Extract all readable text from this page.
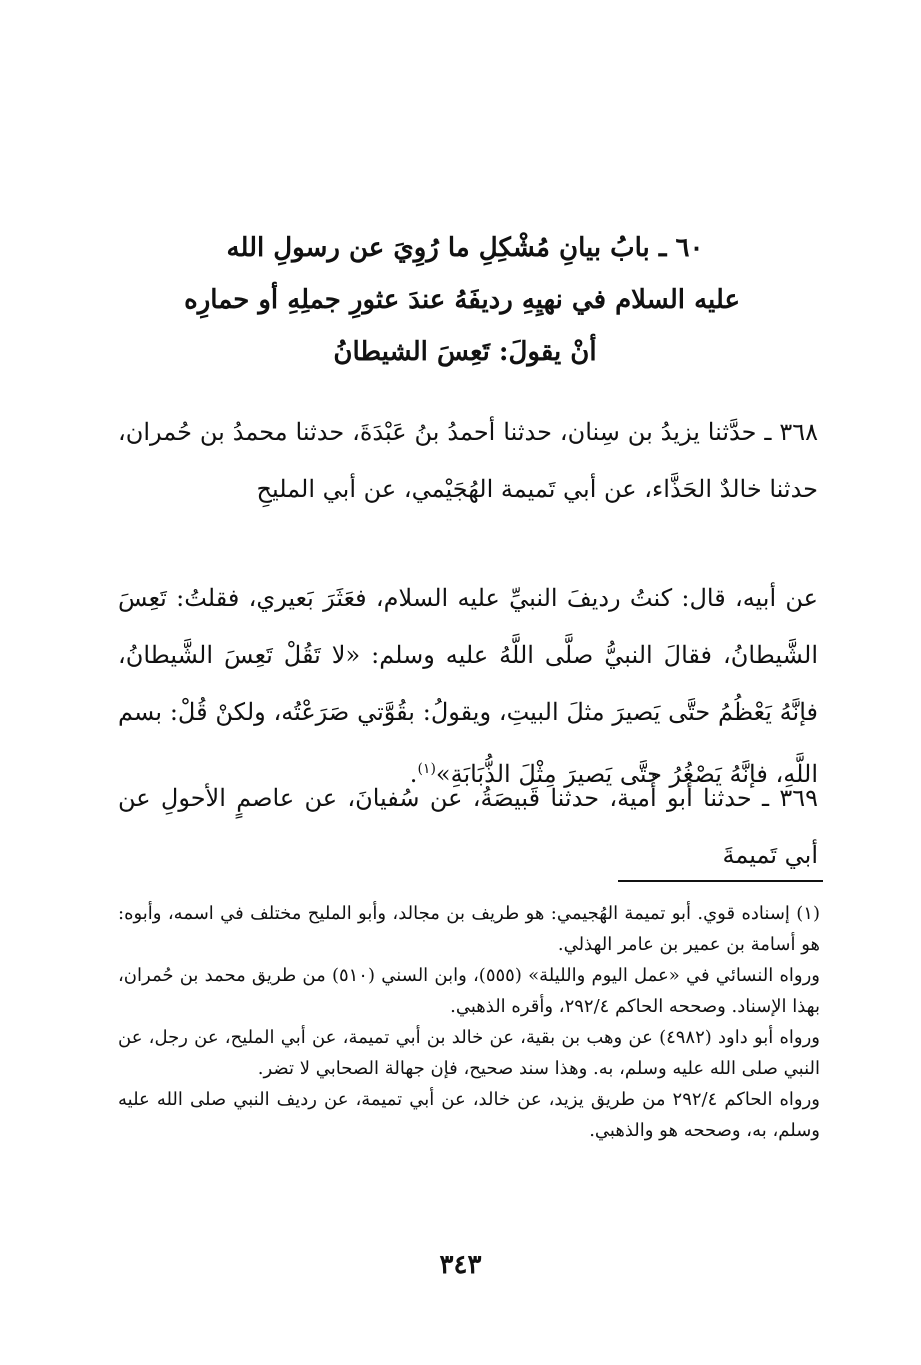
٦٠ ـ بابُ بيانِ مُشْكِلِ ما رُوِيَ عن رسولِ الله
عليه السلام في نهيِهِ رديفَهُ عندَ عثورِ جملِهِ أو حمارِه
أنْ يقولَ: تَعِسَ الشيطانُ
٣٦٨ ـ حدَّثنا يزيدُ بن سِنان، حدثنا أحمدُ بنُ عَبْدَةَ، حدثنا محمدُ بن حُمران، حدثنا خالدٌ الحَذَّاء، عن أبي تَميمة الهُجَيْمي، عن أبي المليحِ
عن أبيه، قال: كنتُ رديفَ النبيِّ عليه السلام، فعَثَرَ بَعيري، فقلتُ: تَعِسَ الشَّيطانُ، فقالَ النبيُّ صلَّى اللَّهُ عليه وسلم: «لا تَقُلْ تَعِسَ الشَّيطانُ، فإنَّهُ يَعْظُمُ حتَّى يَصيرَ مثلَ البيتِ، ويقولُ: بقُوَّتي صَرَعْتُه، ولكنْ قُلْ: بسم اللَّهِ، فإنَّهُ يَصْغُرُ حتَّى يَصيرَ مِثْلَ الذُّبَابَةِ»$^{(١)}$.
٣٦٩ ـ حدثنا أبو أُمية، حدثنا قَبيصَةُ، عن سُفيانَ، عن عاصمٍ الأحولِ عن أبي تَميمةَ

(١) إسناده قوي. أبو تميمة الهُجيمي: هو طريف بن مجالد، وأبو المليح مختلف في اسمه، وأبوه: هو أسامة بن عمير بن عامر الهذلي.

ورواه النسائي في «عمل اليوم والليلة» (٥٥٥)، وابن السني (٥١٠) من طريق محمد بن حُمران، بهذا الإسناد. وصححه الحاكم ٢٩٢/٤، وأقره الذهبي.

ورواه أبو داود (٤٩٨٢) عن وهب بن بقية، عن خالد بن أبي تميمة، عن أبي المليح، عن رجل، عن النبي صلى الله عليه وسلم، به. وهذا سند صحيح، فإن جهالة الصحابي لا تضر.

ورواه الحاكم ٢٩٢/٤ من طريق يزيد، عن خالد، عن أبي تميمة، عن رديف النبي صلى الله عليه وسلم، به، وصححه هو والذهبي.

٣٤٣
